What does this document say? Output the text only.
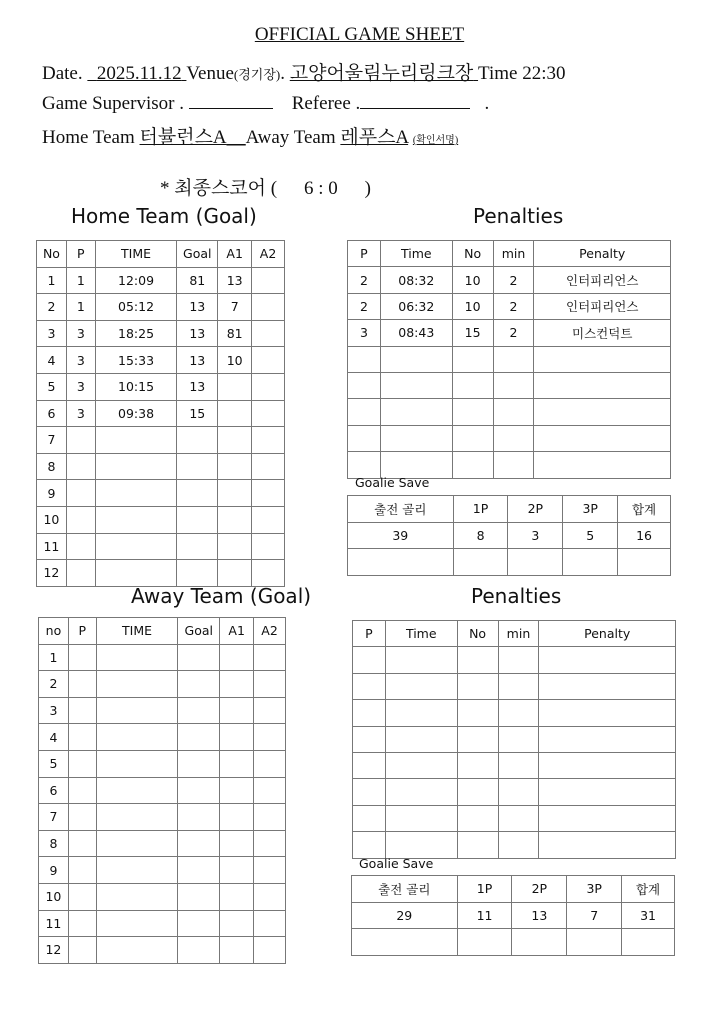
OFFICIAL GAME SHEET
Date. 2025.11.12 Venue(경기장). 고양어울림누리링크장 Time 22:30
Game Supervisor .	Referee .	.
Home Team 터뷸런스A__Away Team 레푸스A (확인서명)
* 최종스코어 ( 6 : 0 )
Home Team (Goal)	Penalties
Away Team (Goal)	Penalties
No	P	TIME	Goal	A1	A2
1	1	12:09	81	13	
2	1	05:12	13	7	
3	3	18:25	13	81	
4	3	15:33	13	10	
5	3	10:15	13		
6	3	09:38	15		
7					
8					
9					
10					
11					
12					
P	Time	No	min	Penalty
2	08:32	10	2	인터피리언스
2	06:32	10	2	인터피리언스
3	08:43	15	2	미스컨덕트

Goalie Save
출전 골리	1P	2P	3P	합계
39	8	3	5	16

no	P	TIME	Goal	A1	A2
1					
2					
3					
4					
5					
6					
7					
8					
9					
10					
11					
12					
P	Time	No	min	Penalty

Goalie Save
출전 골리	1P	2P	3P	합계
29	11	13	7	31
